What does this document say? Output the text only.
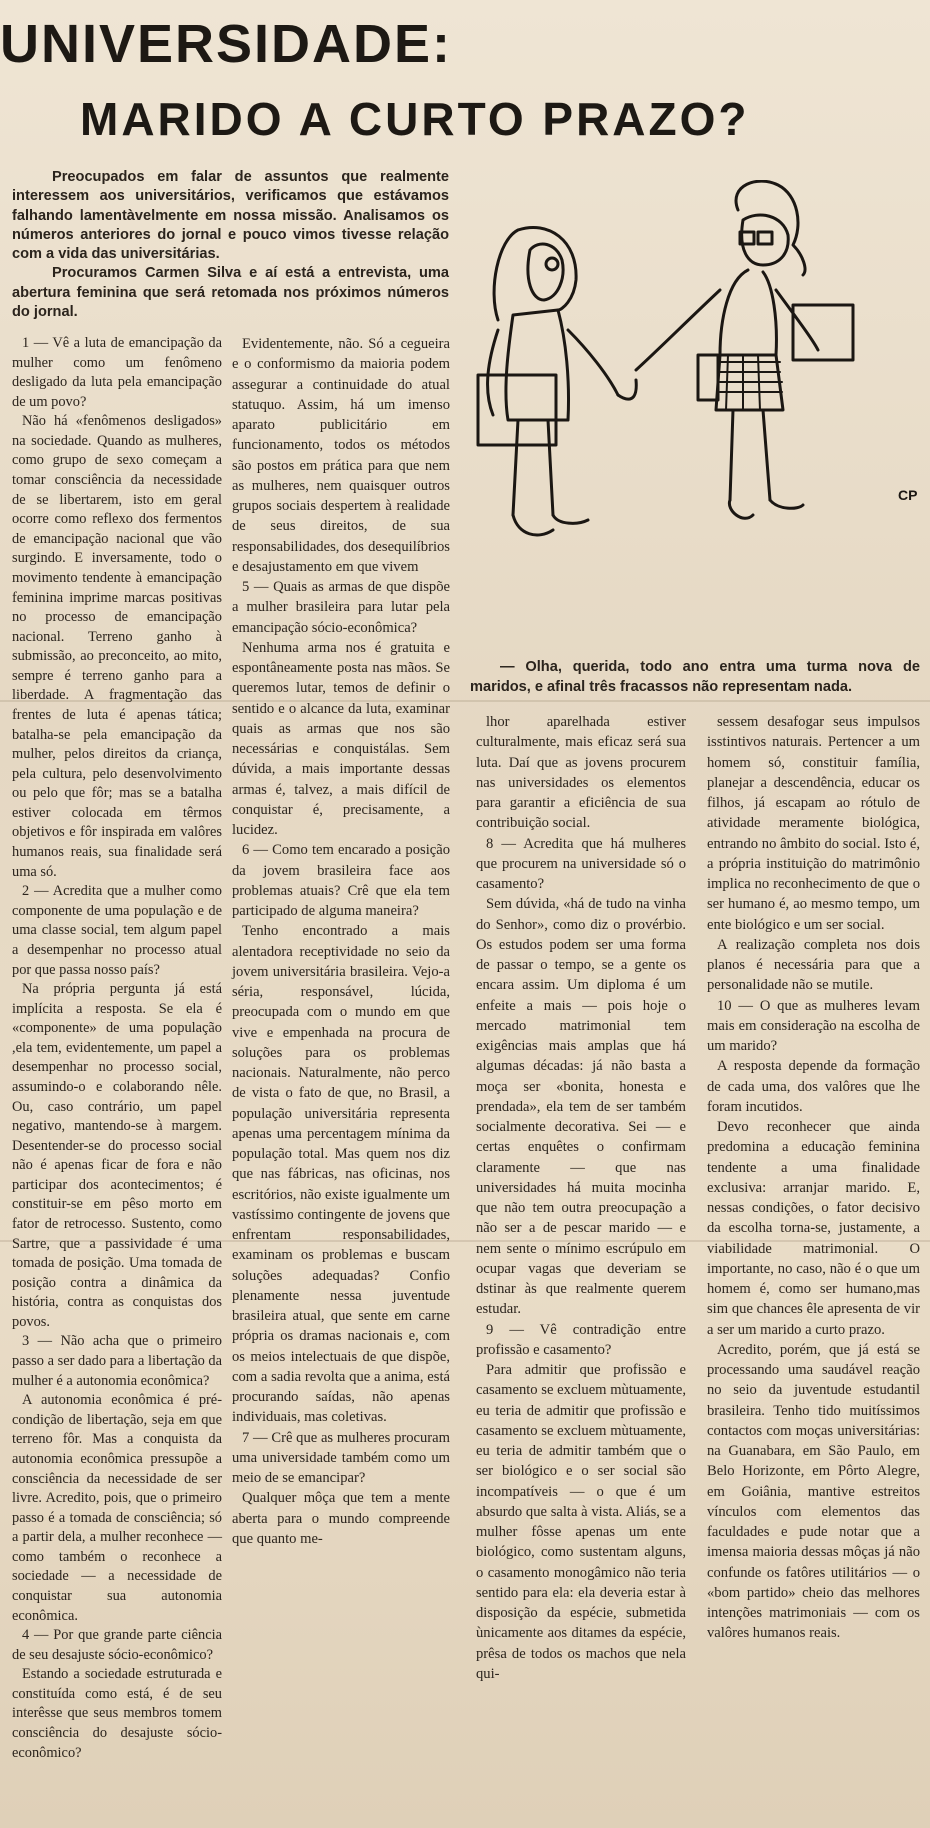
UNIVERSIDADE:
MARIDO A CURTO PRAZO?

Preocupados em falar de assuntos que realmente interessem aos universitários, verificamos que estávamos falhando lamentàvelmente em nossa missão. Analisamos os números anteriores do jornal e pouco vimos tivesse relação com a vida das universitárias.

Procuramos Carmen Silva e aí está a entrevista, uma abertura feminina que será retomada nos próximos números do jornal.

CP
— Olha, querida, todo ano entra uma turma nova de maridos, e afinal três fracassos não representam nada.

1 — Vê a luta de emancipação da mulher como um fenômeno desligado da luta pela emancipação de um povo?

Não há «fenômenos desligados» na sociedade. Quando as mulheres, como grupo de sexo começam a tomar consciência da necessidade de se libertarem, isto em geral ocorre como reflexo dos fermentos de emancipação nacional que vão surgindo. E inversamente, todo o movimento tendente à emancipação feminina imprime marcas positivas no processo de emancipação nacional. Terreno ganho à submissão, ao preconceito, ao mito, sempre é terreno ganho para a liberdade. A fragmentação das frentes de luta é apenas tática; batalha-se pela emancipação da mulher, pelos direitos da criança, pela cultura, pelo desenvolvimento ou pelo que fôr; mas se a batalha estiver colocada em têrmos objetivos e fôr inspirada em valôres humanos reais, sua finalidade será uma só.

2 — Acredita que a mulher como componente de uma população e de uma classe social, tem algum papel a desempenhar no processo atual por que passa nosso país?

Na própria pergunta já está implícita a resposta. Se ela é «componente» de uma população ,ela tem, evidentemente, um papel a desempenhar no processo social, assumindo-o e colaborando nêle. Ou, caso contrário, um papel negativo, mantendo-se à margem. Desentender-se do processo social não é apenas ficar de fora e não participar dos acontecimentos; é constituir-se em pêso morto em fator de retrocesso. Sustento, como Sartre, que a passividade é uma tomada de posição. Uma tomada de posição contra a dinâmica da história, contra as conquistas dos povos.

3 — Não acha que o primeiro passo a ser dado para a libertação da mulher é a autonomia econômica?

A autonomia econômica é pré-condição de libertação, seja em que terreno fôr. Mas a conquista da autonomia econômica pressupõe a consciência da necessidade de ser livre. Acredito, pois, que o primeiro passo é a tomada de consciência; só a partir dela, a mulher reconhece — como também o reconhece a sociedade — a necessidade de conquistar sua autonomia econômica.

4 — Por que grande parte ciência de seu desajuste sócio-econômico?

Estando a sociedade estruturada e constituída como está, é de seu interêsse que seus membros tomem consciência do desajuste sócio-econômico?

Evidentemente, não. Só a cegueira e o conformismo da maioria podem assegurar a continuidade do atual statuquo. Assim, há um imenso aparato publicitário em funcionamento, todos os métodos são postos em prática para que nem as mulheres, nem quaisquer outros grupos sociais despertem à realidade de seus direitos, de sua responsabilidades, dos desequilíbrios e desajustamento em que vivem

5 — Quais as armas de que dispõe a mulher brasileira para lutar pela emancipação sócio-econômica?

Nenhuma arma nos é gratuita e espontâneamente posta nas mãos. Se queremos lutar, temos de definir o sentido e o alcance da luta, examinar quais as armas que nos são necessárias e conquistálas. Sem dúvida, a mais importante dessas armas é, talvez, a mais difícil de conquistar é, precisamente, a lucidez.

6 — Como tem encarado a posição da jovem brasileira face aos problemas atuais? Crê que ela tem participado de alguma maneira?

Tenho encontrado a mais alentadora receptividade no seio da jovem universitária brasileira. Vejo-a séria, responsável, lúcida, preocupada com o mundo em que vive e empenhada na procura de soluções para os problemas nacionais. Naturalmente, não perco de vista o fato de que, no Brasil, a população universitária representa apenas uma percentagem mínima da população total. Mas quem nos diz que nas fábricas, nas oficinas, nos escritórios, não existe igualmente um vastíssimo contingente de jovens que enfrentam responsabilidades, examinam os problemas e buscam soluções adequadas? Confio plenamente nessa juventude brasileira atual, que sente em carne própria os dramas nacionais e, com os meios intelectuais de que dispõe, com a sadia revolta que a anima, está procurando saídas, não apenas individuais, mas coletivas.

7 — Crê que as mulheres procuram uma universidade também como um meio de se emancipar?

Qualquer môça que tem a mente aberta para o mundo compreende que quanto me-

lhor aparelhada estiver culturalmente, mais eficaz será sua luta. Daí que as jovens procurem nas universidades os elementos para garantir a eficiência de sua contribuição social.

8 — Acredita que há mulheres que procurem na universidade só o casamento?

Sem dúvida, «há de tudo na vinha do Senhor», como diz o provérbio. Os estudos podem ser uma forma de passar o tempo, se a gente os encara assim. Um diploma é um enfeite a mais — pois hoje o mercado matrimonial tem exigências mais amplas que há algumas décadas: já não basta a moça ser «bonita, honesta e prendada», ela tem de ser também socialmente decorativa. Sei — e certas enquêtes o confirmam claramente — que nas universidades há muita mocinha que não tem outra preocupação a não ser a de pescar marido — e nem sente o mínimo escrúpulo em ocupar vagas que deveriam se dstinar às que realmente querem estudar.

9 — Vê contradição entre profissão e casamento?

Para admitir que profissão e casamento se excluem mùtuamente, eu teria de admitir que profissão e casamento se excluem mùtuamente, eu teria de admitir também que o ser biológico e o ser social são incompatíveis — o que é um absurdo que salta à vista. Aliás, se a mulher fôsse apenas um ente biológico, como sustentam alguns, o casamento monogâmico não teria sentido para ela: ela deveria estar à disposição da espécie, submetida ùnicamente aos ditames da espécie, prêsa de todos os machos que nela qui-

sessem desafogar seus impulsos isstintivos naturais. Pertencer a um homem só, constituir família, planejar a descendência, educar os filhos, já escapam ao rótulo de atividade meramente biológica, entrando no âmbito do social. Isto é, a própria instituição do matrimônio implica no reconhecimento de que o ser humano é, ao mesmo tempo, um ente biológico e um ser social.

A realização completa nos dois planos é necessária para que a personalidade não se mutile.

10 — O que as mulheres levam mais em consideração na escolha de um marido?

A resposta depende da formação de cada uma, dos valôres que lhe foram incutidos.

Devo reconhecer que ainda predomina a educação feminina tendente a uma finalidade exclusiva: arranjar marido. E, nessas condições, o fator decisivo da escolha torna-se, justamente, a viabilidade matrimonial. O importante, no caso, não é o que um homem é, como ser humano,mas sim que chances êle apresenta de vir a ser um marido a curto prazo.

Acredito, porém, que já está se processando uma saudável reação no seio da juventude estudantil brasileira. Tenho tido muitíssimos contactos com moças universitárias: na Guanabara, em São Paulo, em Belo Horizonte, em Pôrto Alegre, em Goiânia, mantive estreitos vínculos com elementos das faculdades e pude notar que a imensa maioria dessas môças já não confunde os fatôres utilitários — o «bom partido» cheio das melhores intenções matrimoniais — com os valôres humanos reais.
